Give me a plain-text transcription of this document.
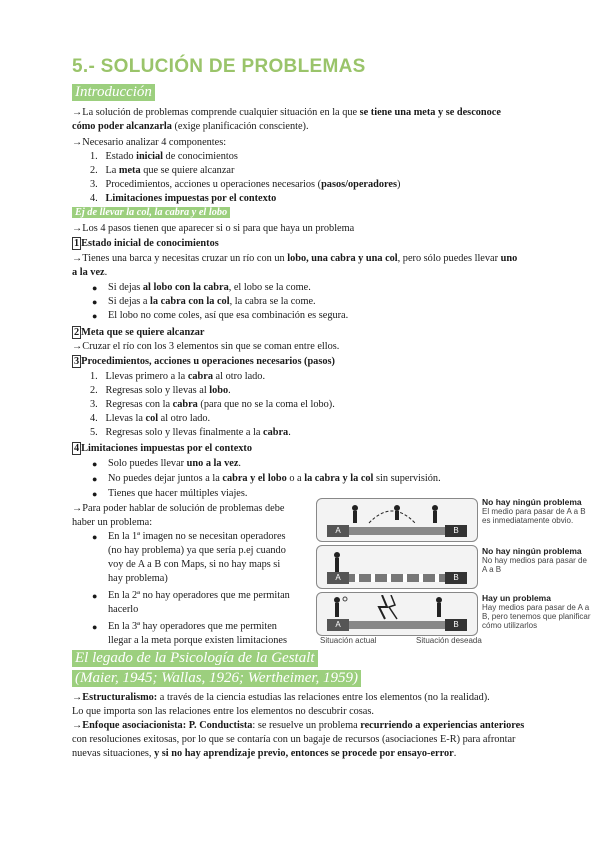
5.- SOLUCIÓN DE PROBLEMAS
Introducción
→La solución de problemas comprende cualquier situación en la que se tiene una meta y se desconoce cómo poder alcanzarla (exige planificación consciente).
→Necesario analizar 4 componentes:
1. Estado inicial de conocimientos
2. La meta que se quiere alcanzar
3. Procedimientos, acciones u operaciones necesarios (pasos/operadores)
4. Limitaciones impuestas por el contexto
Ej de llevar la col, la cabra y el lobo
→Los 4 pasos tienen que aparecer si o si para que haya un problema
1 Estado inicial de conocimientos
→Tienes una barca y necesitas cruzar un río con un lobo, una cabra y una col, pero sólo puedes llevar uno a la vez.
● Si dejas al lobo con la cabra, el lobo se la come.
● Si dejas a la cabra con la col, la cabra se la come.
● El lobo no come coles, así que esa combinación es segura.
2 Meta que se quiere alcanzar
→Cruzar el río con los 3 elementos sin que se coman entre ellos.
3 Procedimientos, acciones u operaciones necesarios (pasos)
1. Llevas primero a la cabra al otro lado.
2. Regresas solo y llevas al lobo.
3. Regresas con la cabra (para que no se la coma el lobo).
4. Llevas la col al otro lado.
5. Regresas solo y llevas finalmente a la cabra.
4 Limitaciones impuestas por el contexto
● Solo puedes llevar uno a la vez.
● No puedes dejar juntos a la cabra y el lobo o a la cabra y la col sin supervisión.
● Tienes que hacer múltiples viajes.
→Para poder hablar de solución de problemas debe
haber un problema:
● En la 1ª imagen no se necesitan operadores
(no hay problema) ya que sería p.ej cuando
voy de A a B con Maps, si no hay maps si
hay problema)
● En la 2ª no hay operadores que me permitan
hacerlo
● En la 3ª hay operadores que me permiten
llegar a la meta porque existen limitaciones
A	B
No hay ningún problema
El medio para pasar de A a B es inmediatamente obvio.
A	B
No hay ningún problema
No hay medios para pasar de A a B
A	B
Hay un problema
Hay medios para pasar de A a B, pero tenemos que planificar cómo utilizarlos
Situación actual	Situación deseada
El legado de la Psicología de la Gestalt
(Maier, 1945; Wallas, 1926; Wertheimer, 1959)
→Estructuralismo: a través de la ciencia estudias las relaciones entre los elementos (no la realidad).
Lo que importa son las relaciones entre los elementos no descubrir cosas.
→Enfoque asociacionista: P. Conductista: se resuelve un problema recurriendo a experiencias anteriores con resoluciones exitosas, por lo que se contaría con un bagaje de recursos (asociaciones E-R) para afrontar nuevas situaciones, y si no hay aprendizaje previo, entonces se procede por ensayo-error.
